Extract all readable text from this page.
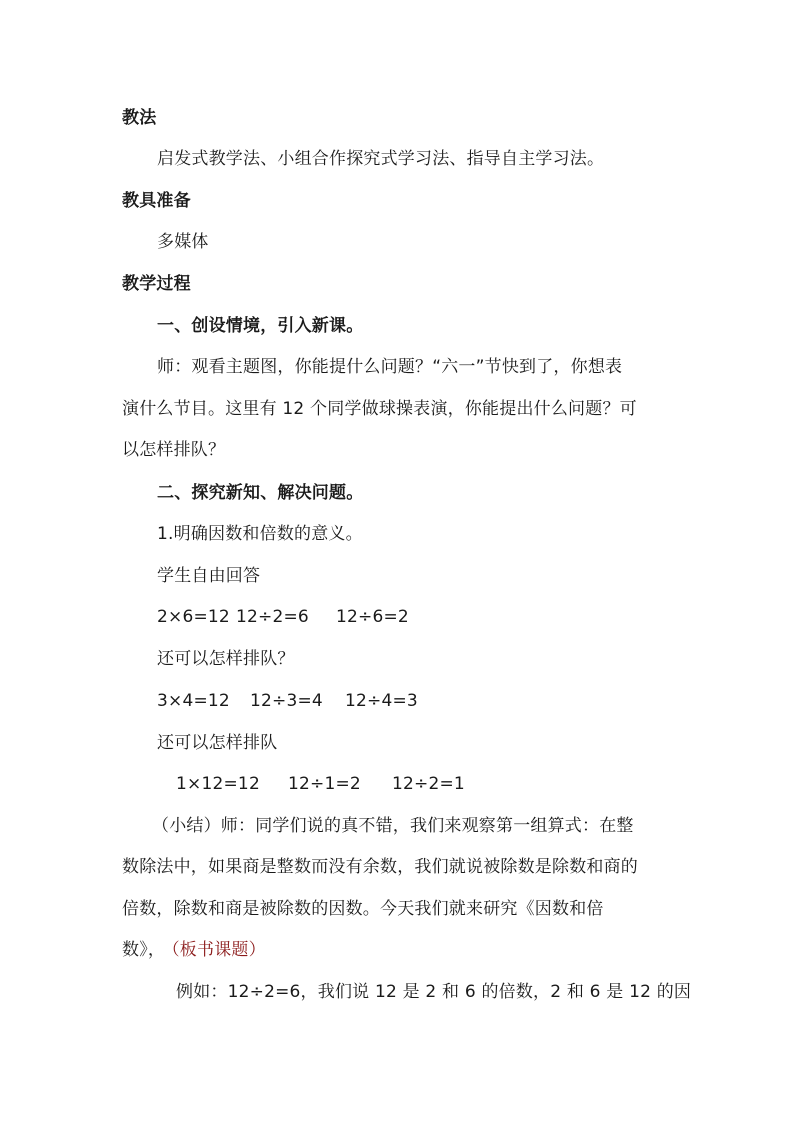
教法
启发式教学法、小组合作探究式学习法、指导自主学习法。
教具准备
多媒体
教学过程
一、创设情境，引入新课。
师：观看主题图，你能提什么问题？“六一”节快到了，你想表
演什么节目。这里有 12 个同学做球操表演，你能提出什么问题？可
以怎样排队？
二、探究新知、解决问题。
1.明确因数和倍数的意义。
学生自由回答
2×6=12 12÷2=6 12÷6=2
还可以怎样排队？
3×4=12 12÷3=4 12÷4=3
还可以怎样排队
1×12=12 12÷1=2 12÷2=1
（小结）师：同学们说的真不错，我们来观察第一组算式：在整
数除法中，如果商是整数而没有余数，我们就说被除数是除数和商的
倍数，除数和商是被除数的因数。今天我们就来研究《因数和倍
数》， （板书课题）
例如：12÷2=6，我们说 12 是 2 和 6 的倍数，2 和 6 是 12 的因
